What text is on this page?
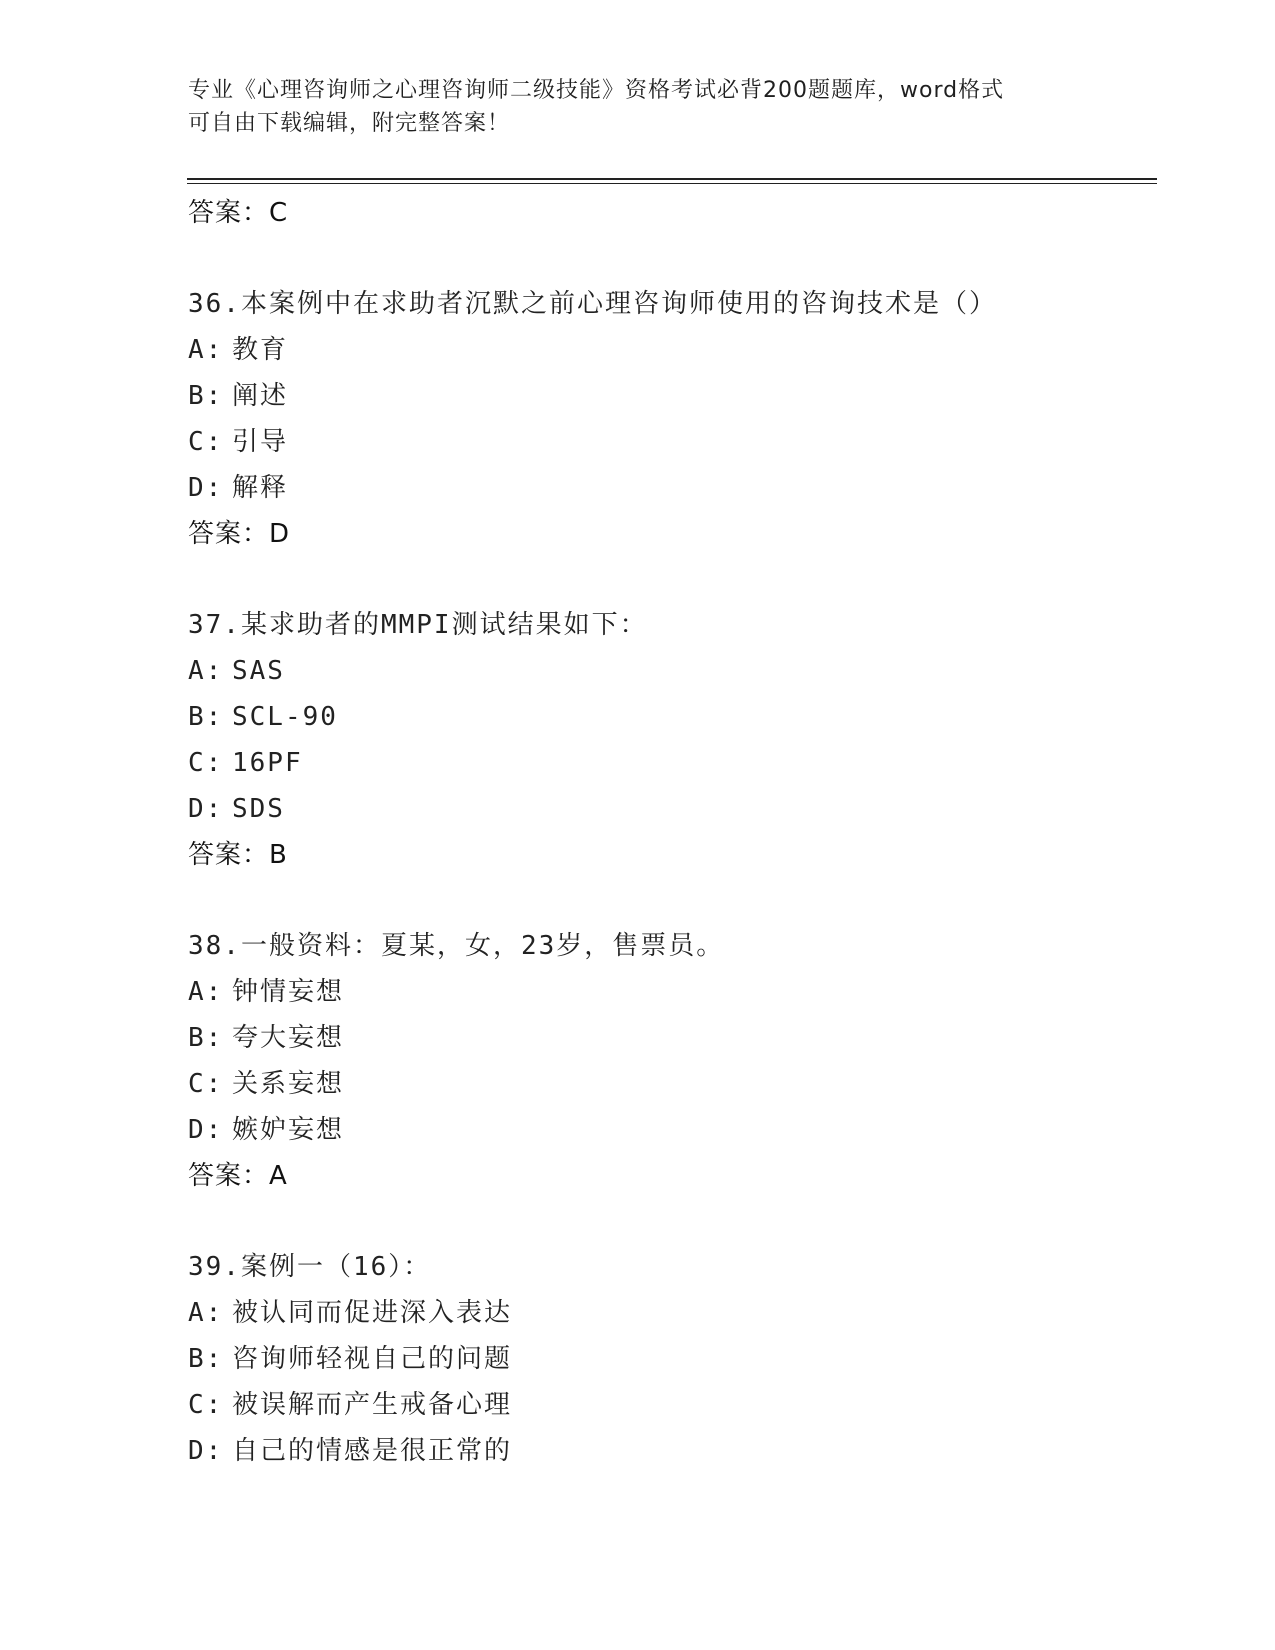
专业《心理咨询师之心理咨询师二级技能》资格考试必背200题题库，word格式
可自由下载编辑，附完整答案！
答案：C
36.本案例中在求助者沉默之前心理咨询师使用的咨询技术是（）
A: 教育
B: 阐述
C: 引导
D: 解释
答案：D
37.某求助者的MMPI测试结果如下：
A: SAS
B: SCL-90
C: 16PF
D: SDS
答案：B
38.一般资料：夏某，女，23岁，售票员。
A: 钟情妄想
B: 夸大妄想
C: 关系妄想
D: 嫉妒妄想
答案：A
39.案例一（16）：
A: 被认同而促进深入表达
B: 咨询师轻视自己的问题
C: 被误解而产生戒备心理
D: 自己的情感是很正常的
